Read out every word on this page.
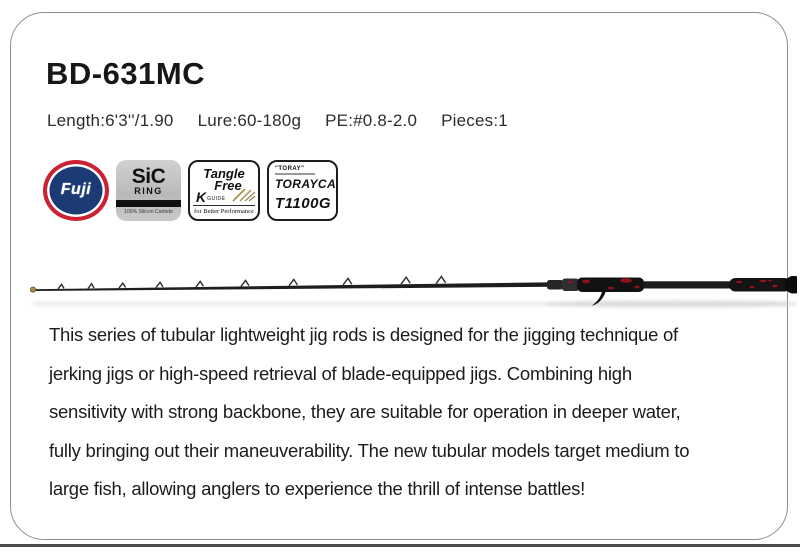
BD-631MC
Length:6'3''/1.90 Lure:60-180g PE:#0.8-2.0 Pieces:1
Fuji
SiC
RING
100% Silicon Carbide
Tangle
Free
K GUIDE
for Better Performance
"TORAY"
TORAYCA
T1100G
This series of tubular lightweight jig rods is designed for the jigging technique of
jerking jigs or high-speed retrieval of blade-equipped jigs. Combining high
sensitivity with strong backbone, they are suitable for operation in deeper water,
fully bringing out their maneuverability. The new tubular models target medium to
large fish, allowing anglers to experience the thrill of intense battles!
